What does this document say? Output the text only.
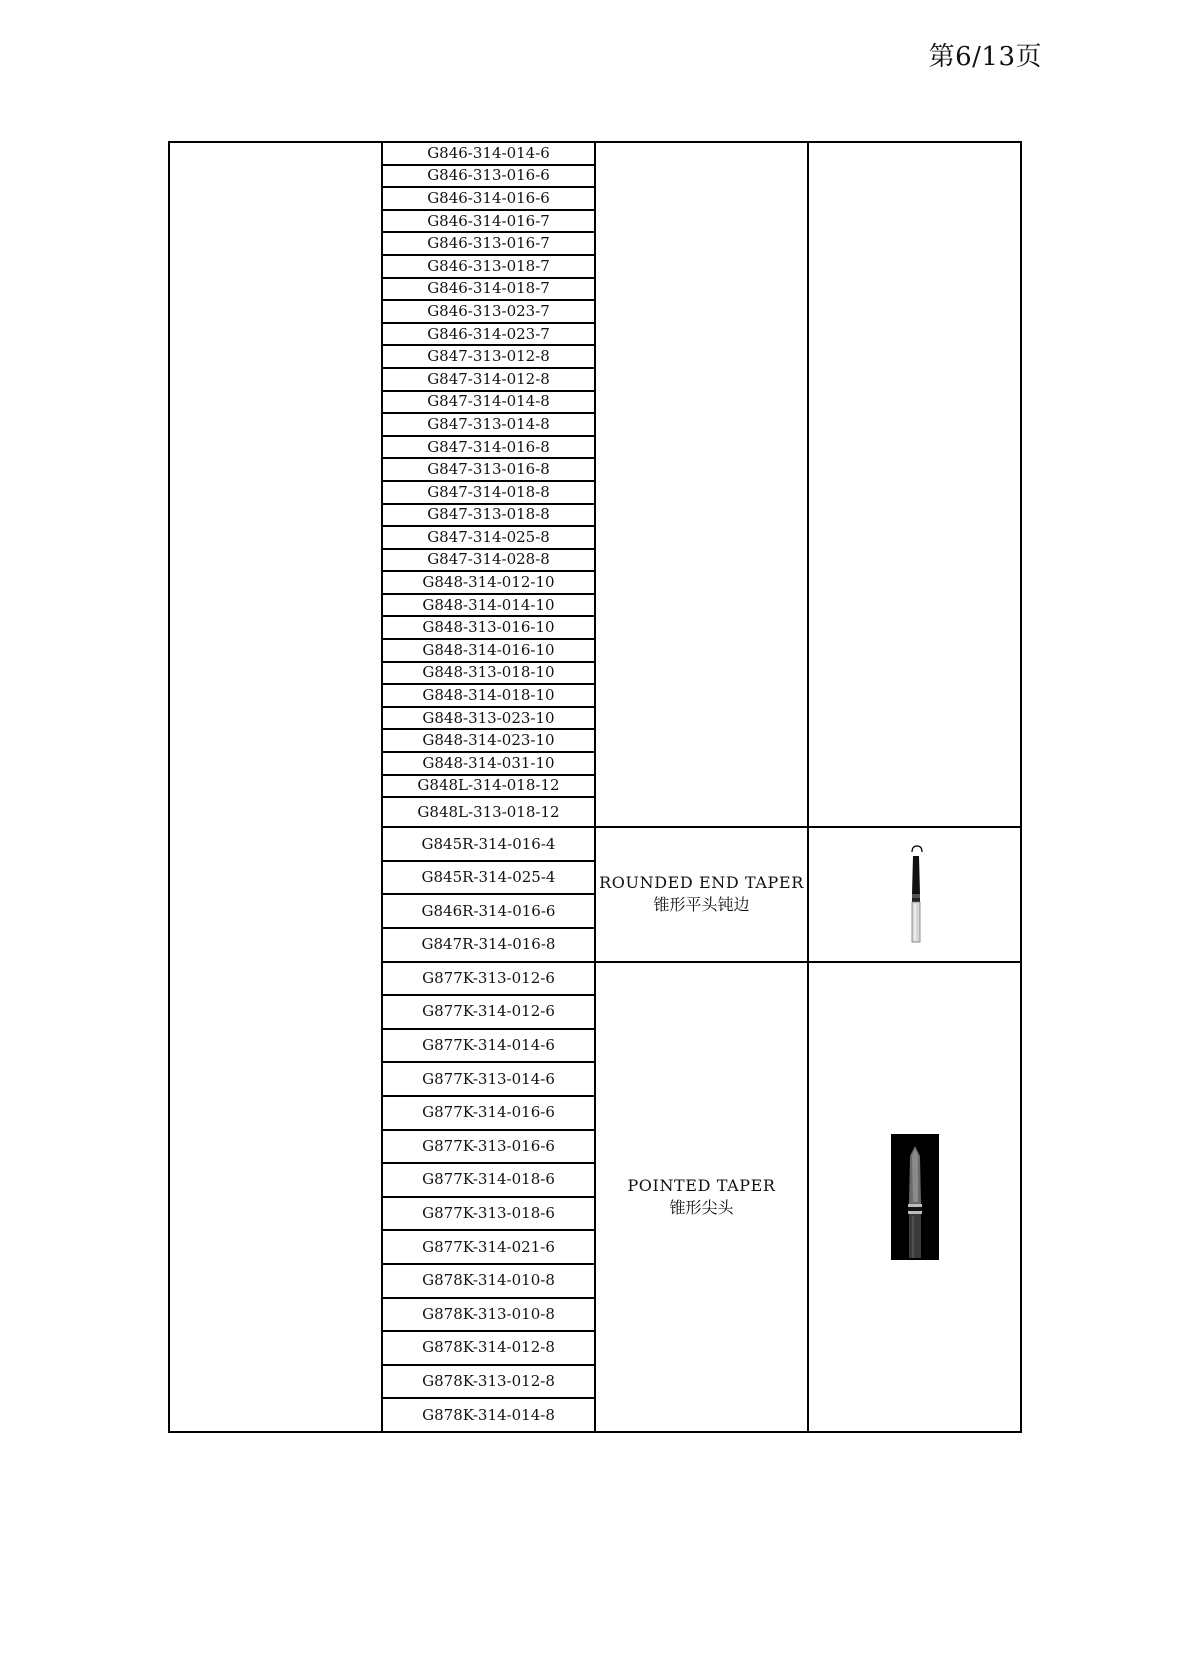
第6/13页
	G846-314-014-6		
	G846-313-016-6		
	G846-314-016-6		
	G846-314-016-7		
	G846-313-016-7		
	G846-313-018-7		
	G846-314-018-7		
	G846-313-023-7		
	G846-314-023-7		
	G847-313-012-8		
	G847-314-012-8		
	G847-314-014-8		
	G847-313-014-8		
	G847-314-016-8		
	G847-313-016-8		
	G847-314-018-8		
	G847-313-018-8		
	G847-314-025-8		
	G847-314-028-8		
	G848-314-012-10		
	G848-314-014-10		
	G848-313-016-10		
	G848-314-016-10		
	G848-313-018-10		
	G848-314-018-10		
	G848-313-023-10		
	G848-314-023-10		
	G848-314-031-10		
	G848L-314-018-12		
	G848L-313-018-12		
	G845R-314-016-4	ROUNDED END TAPER
锥形平头钝边

	G845R-314-025-4		
	G846R-314-016-6		
	G847R-314-016-8		
	G877K-313-012-6	POINTED TAPER
锥形尖头

	G877K-314-012-6		
	G877K-314-014-6		
	G877K-313-014-6		
	G877K-314-016-6		
	G877K-313-016-6		
	G877K-314-018-6		
	G877K-313-018-6		
	G877K-314-021-6		
	G878K-314-010-8		
	G878K-313-010-8		
	G878K-314-012-8		
	G878K-313-012-8		
	G878K-314-014-8		
